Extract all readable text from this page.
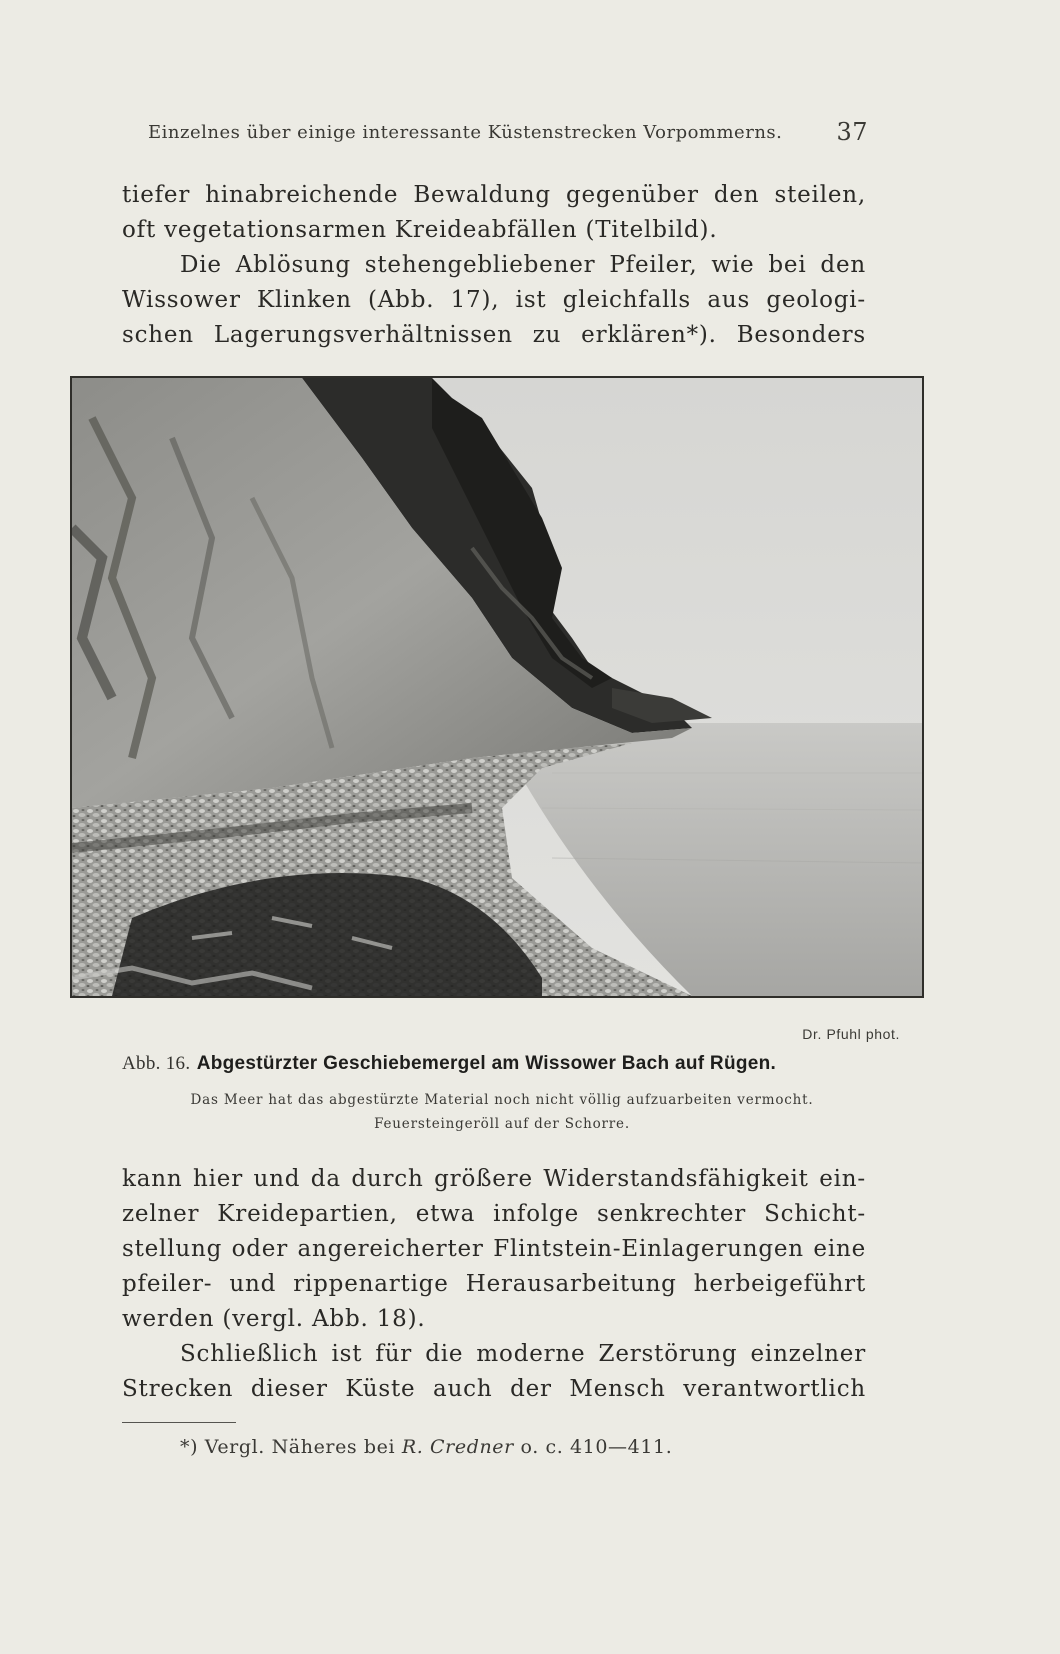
Einzelnes über einige interessante Küstenstrecken Vorpommerns. 37
tiefer hinabreichende Bewaldung gegenüber den steilen,
oft vegetationsarmen Kreideabfällen (Titelbild).
Die Ablösung stehengebliebener Pfeiler, wie bei den
Wissower Klinken (Abb. 17), ist gleichfalls aus geologi-
schen Lagerungsverhältnissen zu erklären*). Besonders
Dr. Pfuhl phot.
Abb. 16. Abgestürzter Geschiebemergel am Wissower Bach auf Rügen.
Das Meer hat das abgestürzte Material noch nicht völlig aufzuarbeiten vermocht.
Feuersteingeröll auf der Schorre.
kann hier und da durch größere Widerstandsfähigkeit ein-
zelner Kreidepartien, etwa infolge senkrechter Schicht-
stellung oder angereicherter Flintstein-Einlagerungen eine
pfeiler- und rippenartige Herausarbeitung herbeigeführt
werden (vergl. Abb. 18).
Schließlich ist für die moderne Zerstörung einzelner
Strecken dieser Küste auch der Mensch verantwortlich
*) Vergl. Näheres bei R. Credner o. c. 410—411.
